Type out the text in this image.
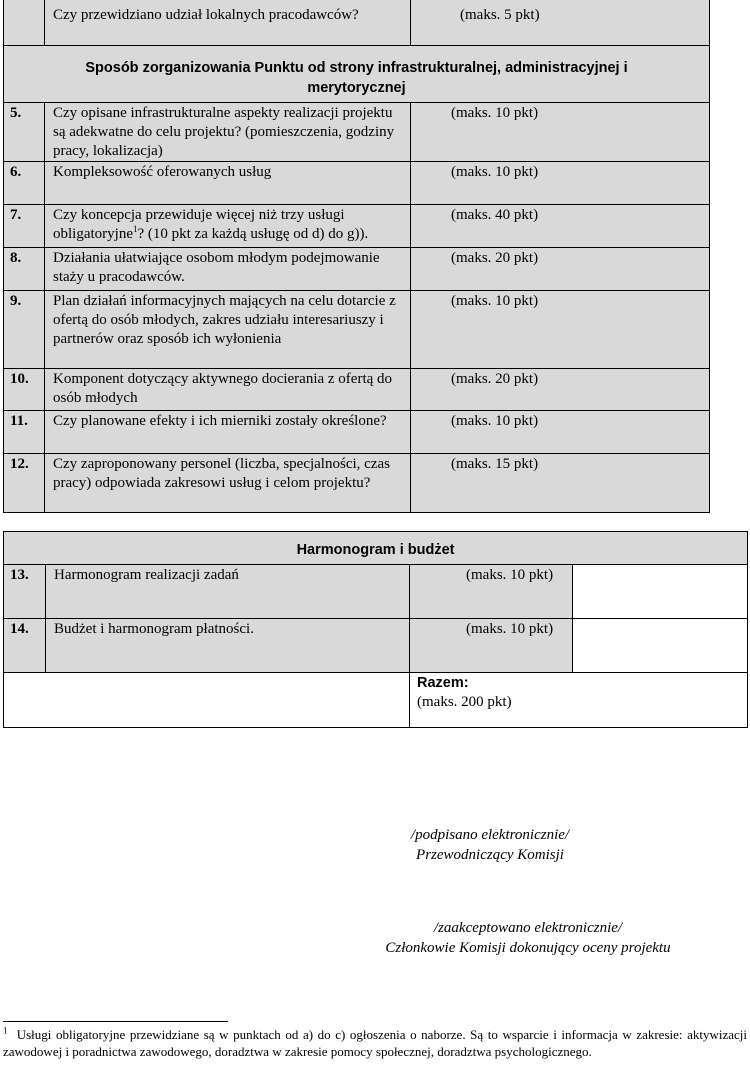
	Czy przewidziano udział lokalnych pracodawców?	(maks. 5 pkt)
Sposób zorganizowania Punktu od strony infrastrukturalnej, administracyjnej i merytorycznej		
5.	Czy opisane infrastrukturalne aspekty realizacji projektu są adekwatne do celu projektu? (pomieszczenia, godziny pracy, lokalizacja)	(maks. 10 pkt)
6.	Kompleksowość oferowanych usług	(maks. 10 pkt)
7.	Czy koncepcja przewiduje więcej niż trzy usługi obligatoryjne$^1$? (10 pkt za każdą usługę od d) do g)).	(maks. 40 pkt)
8.	Działania ułatwiające osobom młodym podejmowanie staży u pracodawców.	(maks. 20 pkt)
9.	Plan działań informacyjnych mających na celu dotarcie z ofertą do osób młodych, zakres udziału interesariuszy i partnerów oraz sposób ich wyłonienia	(maks. 10 pkt)
10.	Komponent dotyczący aktywnego docierania z ofertą do osób młodych	(maks. 20 pkt)
11.	Czy planowane efekty i ich mierniki zostały określone?	(maks. 10 pkt)
12.	Czy zaproponowany personel (liczba, specjalności, czas pracy) odpowiada zakresowi usług i celom projektu?	(maks. 15 pkt)
Harmonogram i budżet			
13.	Harmonogram realizacji zadań	(maks. 10 pkt)	
14.	Budżet i harmonogram płatności.	(maks. 10 pkt)	

		Razem:
(maks. 200 pkt)	
/podpisano elektronicznie/
Przewodniczący Komisji
/zaakceptowano elektronicznie/
Członkowie Komisji dokonujący oceny projektu
$^1$ Usługi obligatoryjne przewidziane są w punktach od a) do c) ogłoszenia o naborze. Są to wsparcie i informacja w zakresie: aktywizacji zawodowej i poradnictwa zawodowego, doradztwa w zakresie pomocy społecznej, doradztwa psychologicznego.
